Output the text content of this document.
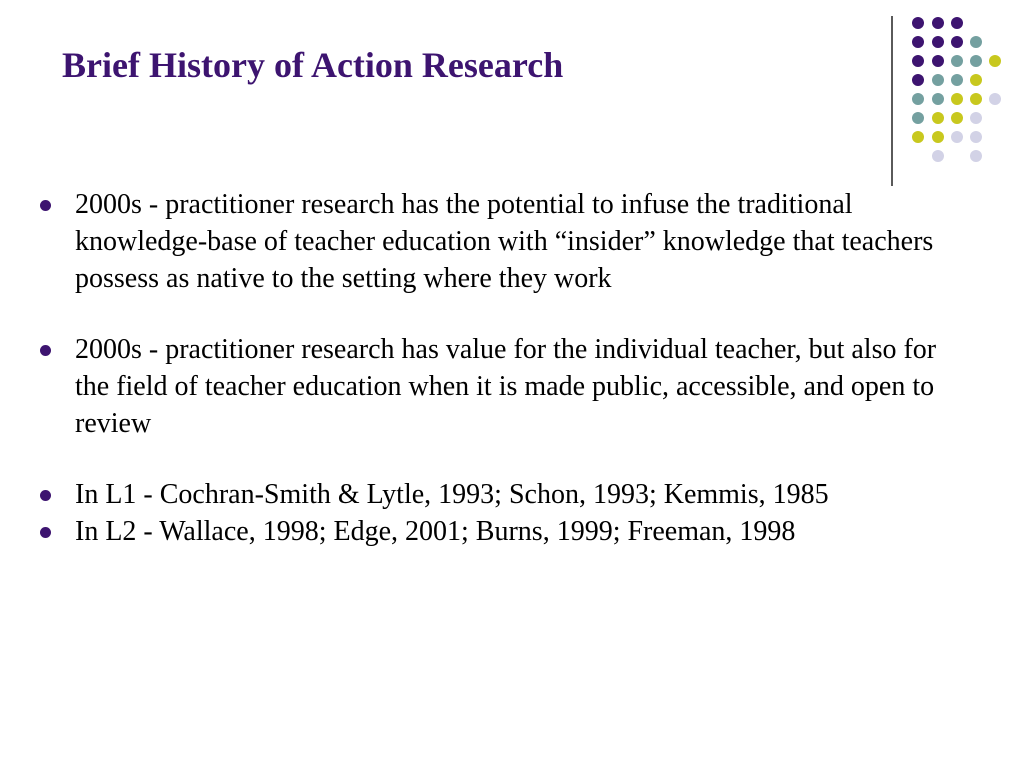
Brief History of Action Research
2000s - practitioner research has the potential to infuse the traditional knowledge-base of teacher education with “insider” knowledge that teachers possess as native to the setting where they work
2000s - practitioner research has value for the individual teacher, but also for the field of teacher education when it is made public, accessible, and open to review
In L1 - Cochran-Smith & Lytle, 1993; Schon, 1993; Kemmis, 1985
In L2 - Wallace, 1998; Edge, 2001; Burns, 1999; Freeman, 1998
